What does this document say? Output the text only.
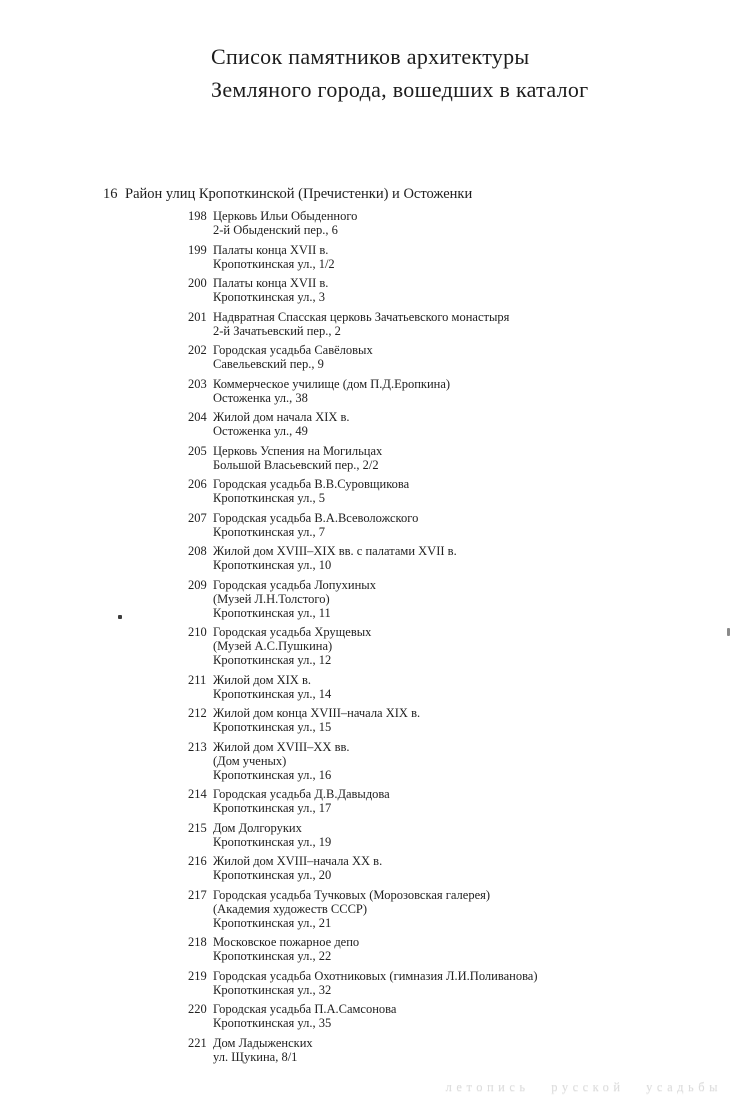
Список памятников архитектуры
Земляного города, вошедших в каталог
16 Район улиц Кропоткинской (Пречистенки) и Остоженки
198 Церковь Ильи Обыденного
2-й Обыденский пер., 6
199 Палаты конца XVII в.
Кропоткинская ул., 1/2
200 Палаты конца XVII в.
Кропоткинская ул., 3
201 Надвратная Спасская церковь Зачатьевского монастыря
2-й Зачатьевский пер., 2
202 Городская усадьба Савёловых
Савельевский пер., 9
203 Коммерческое училище (дом П.Д.Еропкина)
Остоженка ул., 38
204 Жилой дом начала XIX в.
Остоженка ул., 49
205 Церковь Успения на Могильцах
Большой Власьевский пер., 2/2
206 Городская усадьба В.В.Суровщикова
Кропоткинская ул., 5
207 Городская усадьба В.А.Всеволожского
Кропоткинская ул., 7
208 Жилой дом XVIII–XIX вв. с палатами XVII в.
Кропоткинская ул., 10
209 Городская усадьба Лопухиных
(Музей Л.Н.Толстого)
Кропоткинская ул., 11
210 Городская усадьба Хрущевых
(Музей А.С.Пушкина)
Кропоткинская ул., 12
211 Жилой дом XIX в.
Кропоткинская ул., 14
212 Жилой дом конца XVIII–начала XIX в.
Кропоткинская ул., 15
213 Жилой дом XVIII–XX вв.
(Дом ученых)
Кропоткинская ул., 16
214 Городская усадьба Д.В.Давыдова
Кропоткинская ул., 17
215 Дом Долгоруких
Кропоткинская ул., 19
216 Жилой дом XVIII–начала XX в.
Кропоткинская ул., 20
217 Городская усадьба Тучковых (Морозовская галерея)
(Академия художеств СССР)
Кропоткинская ул., 21
218 Московское пожарное депо
Кропоткинская ул., 22
219 Городская усадьба Охотниковых (гимназия Л.И.Поливанова)
Кропоткинская ул., 32
220 Городская усадьба П.А.Самсонова
Кропоткинская ул., 35
221 Дом Ладыженских
ул. Щукина, 8/1
летопись русской усадьбы
